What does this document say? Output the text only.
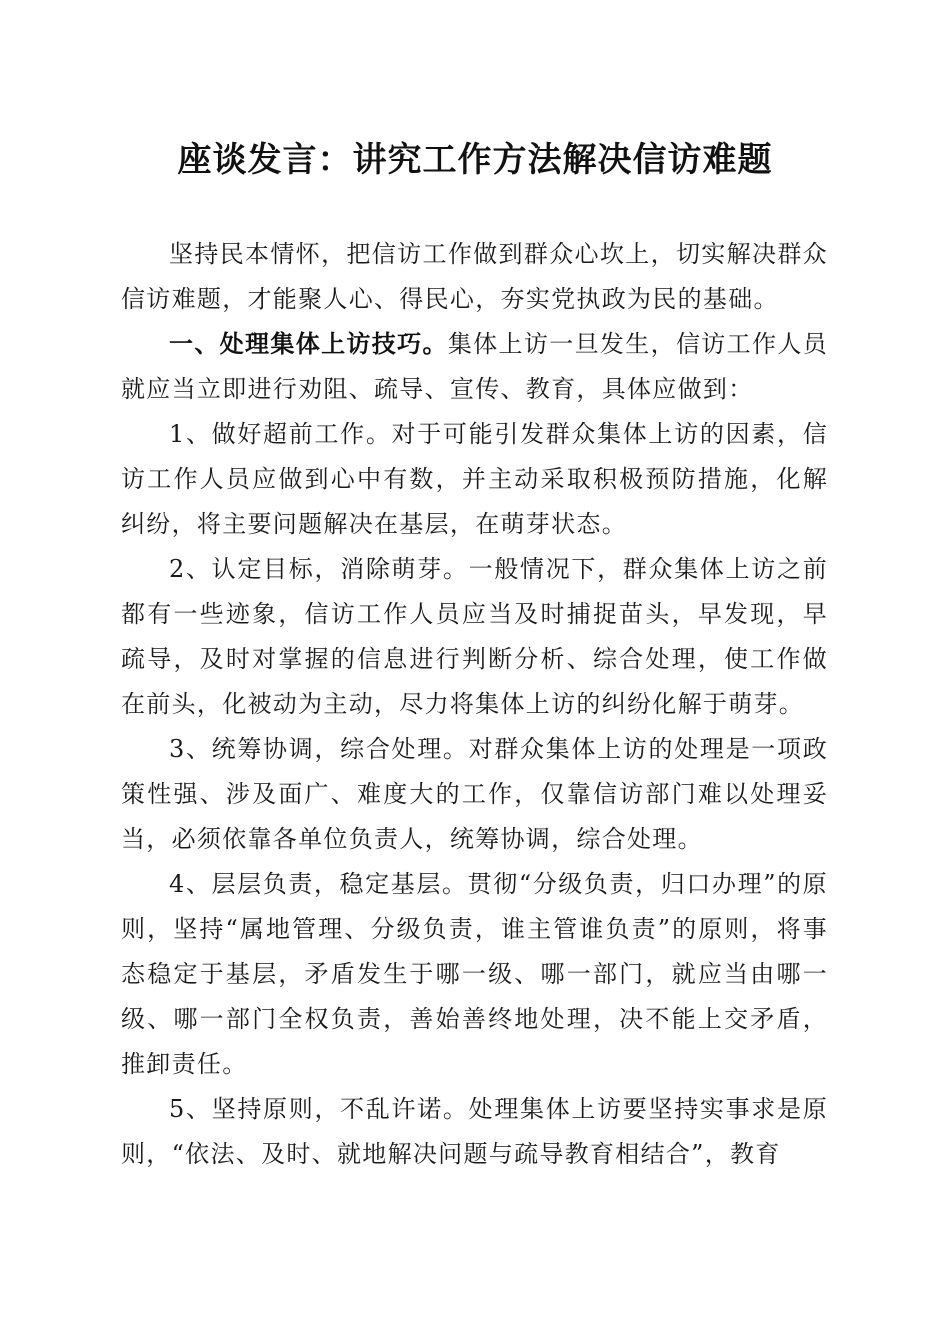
座谈发言：讲究工作方法解决信访难题

坚持民本情怀，把信访工作做到群众心坎上，切实解决群众信访难题，才能聚人心、得民心，夯实党执政为民的基础。

一、处理集体上访技巧。集体上访一旦发生，信访工作人员就应当立即进行劝阻、疏导、宣传、教育，具体应做到：

1、做好超前工作。对于可能引发群众集体上访的因素，信访工作人员应做到心中有数，并主动采取积极预防措施，化解纠纷，将主要问题解决在基层，在萌芽状态。

2、认定目标，消除萌芽。一般情况下，群众集体上访之前都有一些迹象，信访工作人员应当及时捕捉苗头，早发现，早疏导，及时对掌握的信息进行判断分析、综合处理，使工作做在前头，化被动为主动，尽力将集体上访的纠纷化解于萌芽。

3、统筹协调，综合处理。对群众集体上访的处理是一项政策性强、涉及面广、难度大的工作，仅靠信访部门难以处理妥当，必须依靠各单位负责人，统筹协调，综合处理。

4、层层负责，稳定基层。贯彻“分级负责，归口办理”的原则，坚持“属地管理、分级负责，谁主管谁负责”的原则，将事态稳定于基层，矛盾发生于哪一级、哪一部门，就应当由哪一级、哪一部门全权负责，善始善终地处理，决不能上交矛盾，推卸责任。

5、坚持原则，不乱许诺。处理集体上访要坚持实事求是原则，“依法、及时、就地解决问题与疏导教育相结合”，教育
